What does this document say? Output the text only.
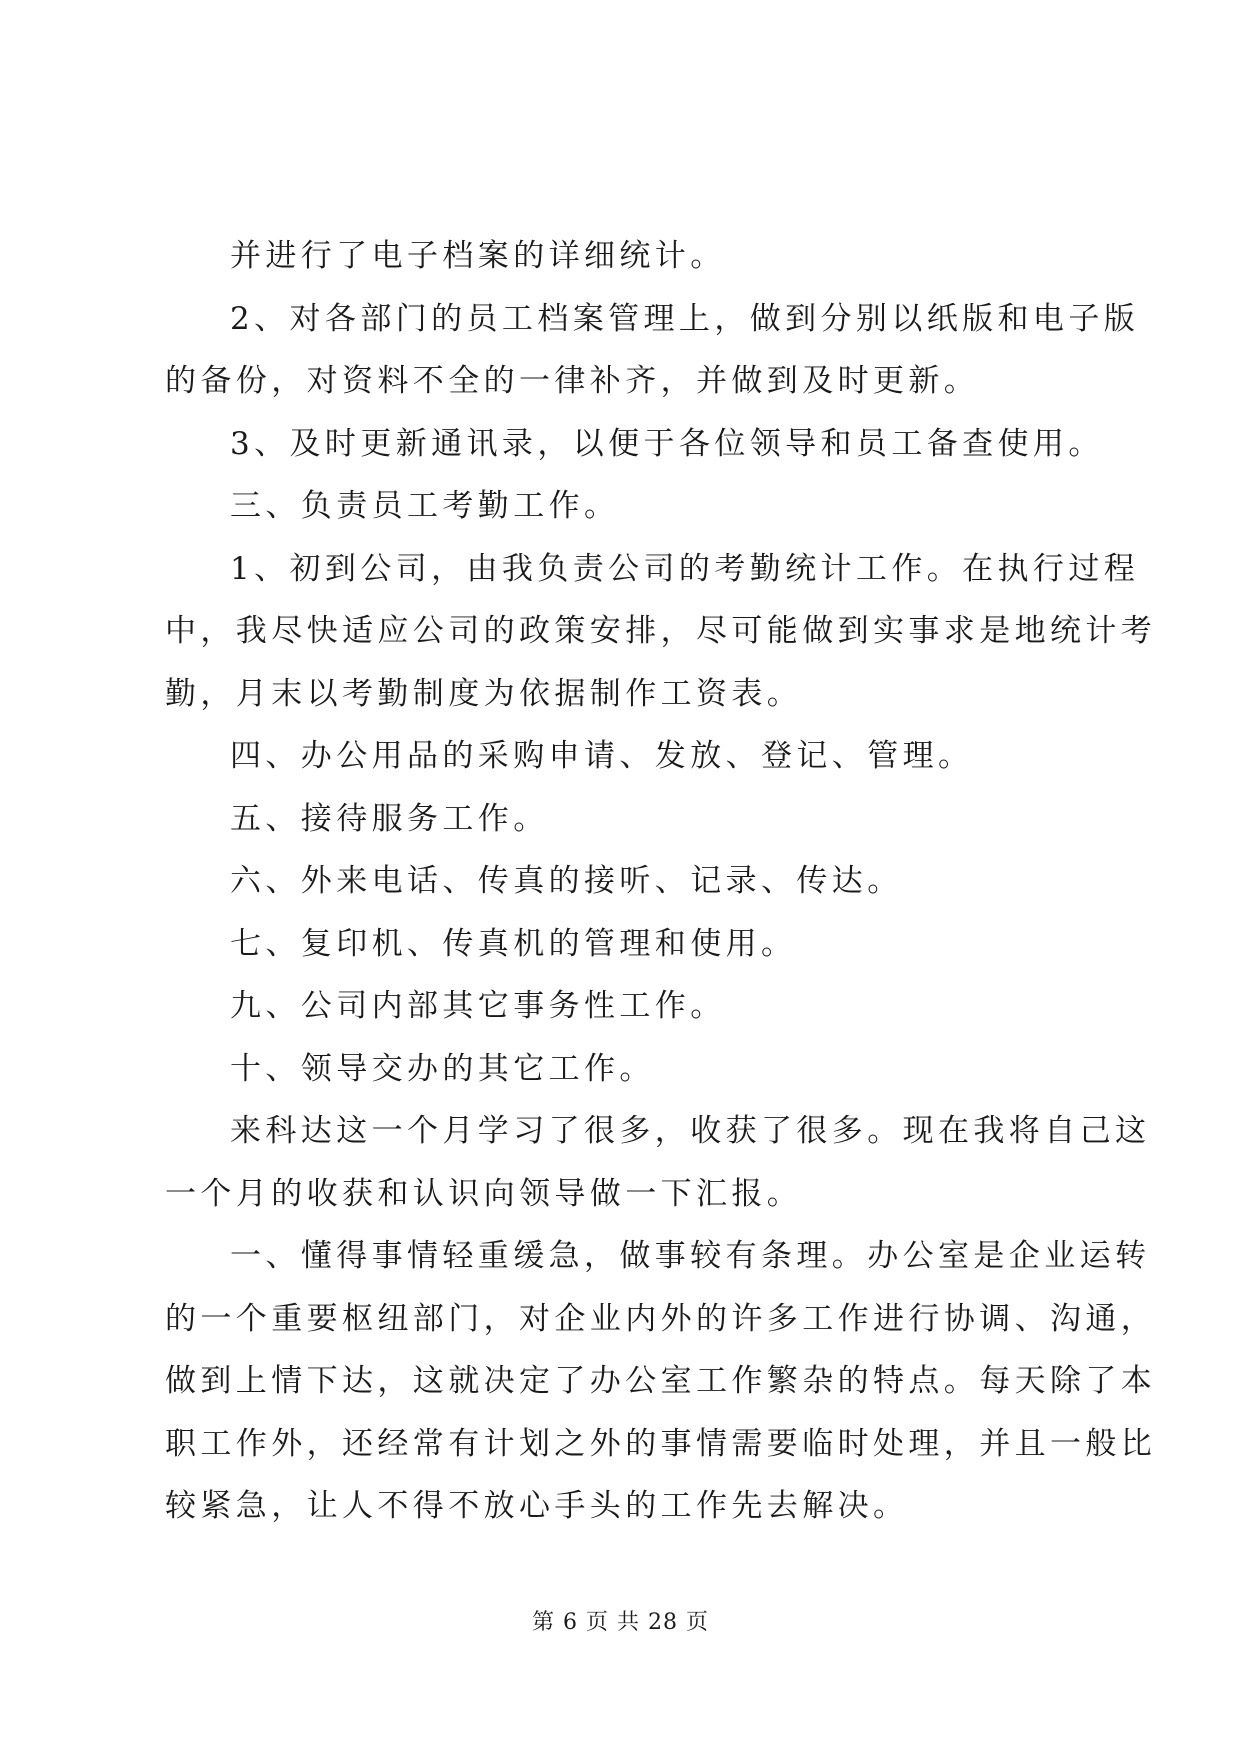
并进行了电子档案的详细统计。
2、对各部门的员工档案管理上，做到分别以纸版和电子版
的备份，对资料不全的一律补齐，并做到及时更新。
3、及时更新通讯录，以便于各位领导和员工备查使用。
三、负责员工考勤工作。
1、初到公司，由我负责公司的考勤统计工作。在执行过程
中，我尽快适应公司的政策安排，尽可能做到实事求是地统计考
勤，月末以考勤制度为依据制作工资表。
四、办公用品的采购申请、发放、登记、管理。
五、接待服务工作。
六、外来电话、传真的接听、记录、传达。
七、复印机、传真机的管理和使用。
九、公司内部其它事务性工作。
十、领导交办的其它工作。
来科达这一个月学习了很多，收获了很多。现在我将自己这
一个月的收获和认识向领导做一下汇报。
一、懂得事情轻重缓急，做事较有条理。办公室是企业运转
的一个重要枢纽部门，对企业内外的许多工作进行协调、沟通，
做到上情下达，这就决定了办公室工作繁杂的特点。每天除了本
职工作外，还经常有计划之外的事情需要临时处理，并且一般比
较紧急，让人不得不放心手头的工作先去解决。
第 6 页 共 28 页
